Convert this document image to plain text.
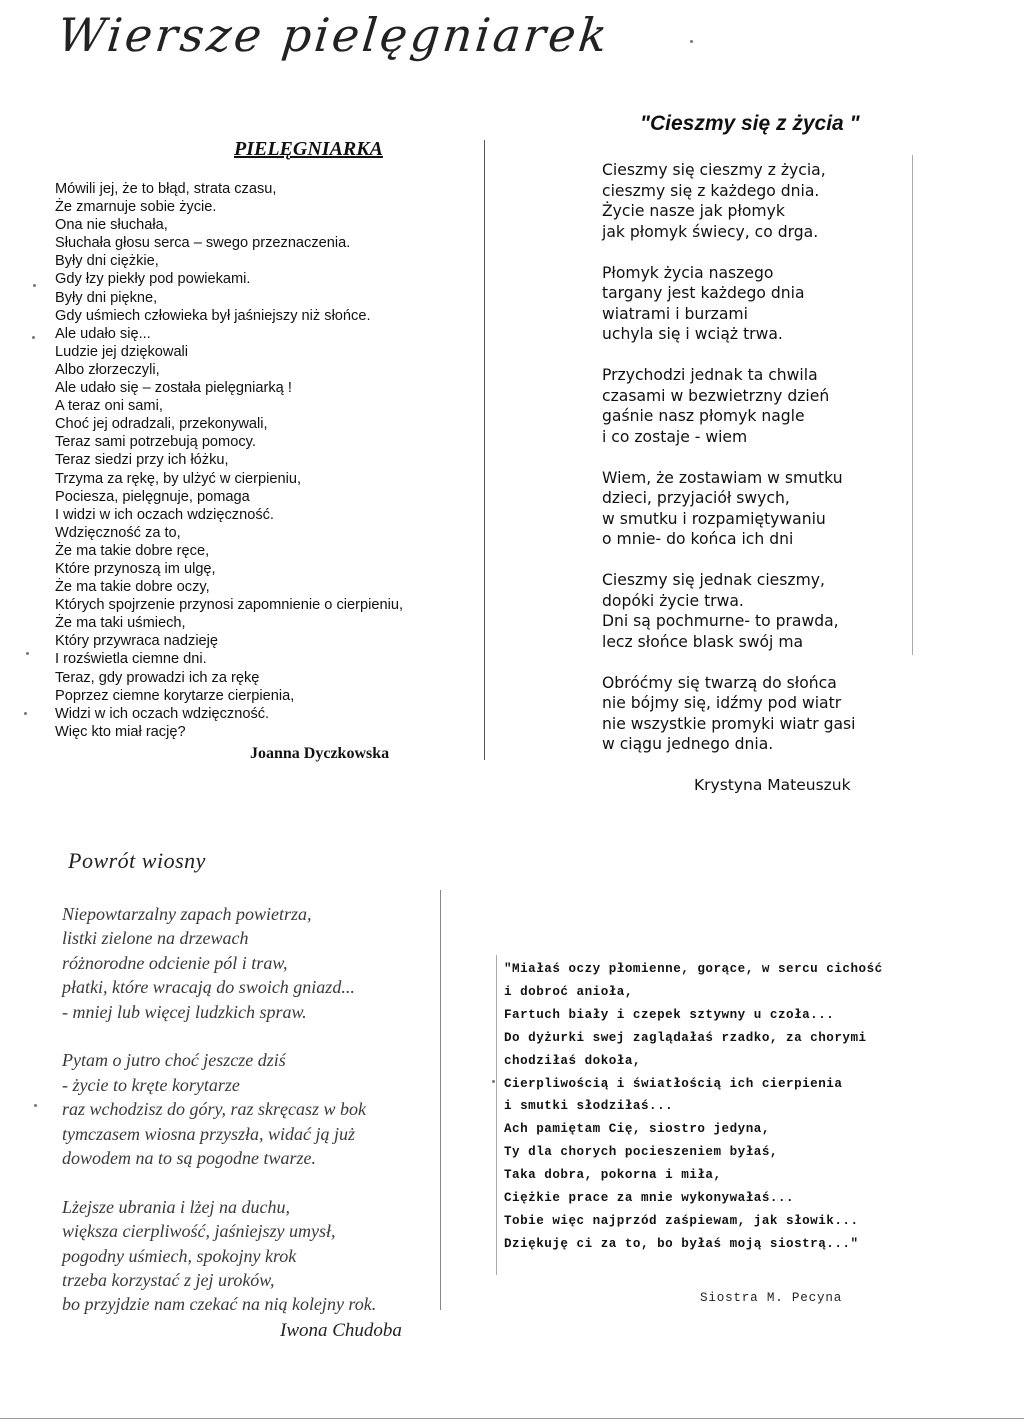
Wiersze pielęgniarek
PIELĘGNIARKA
Mówili jej, że to błąd, strata czasu,
Że zmarnuje sobie życie.
Ona nie słuchała,
Słuchała głosu serca – swego przeznaczenia.
Były dni ciężkie,
Gdy łzy piekły pod powiekami.
Były dni piękne,
Gdy uśmiech człowieka był jaśniejszy niż słońce.
Ale udało się...
Ludzie jej dziękowali
Albo złorzeczyli,
Ale udało się – została pielęgniarką !
A teraz oni sami,
Choć jej odradzali, przekonywali,
Teraz sami potrzebują pomocy.
Teraz siedzi przy ich łóżku,
Trzyma za rękę, by ulżyć w cierpieniu,
Pociesza, pielęgnuje, pomaga
I widzi w ich oczach wdzięczność.
Wdzięczność za to,
Że ma takie dobre ręce,
Które przynoszą im ulgę,
Że ma takie dobre oczy,
Których spojrzenie przynosi zapomnienie o cierpieniu,
Że ma taki uśmiech,
Który przywraca nadzieję
I rozświetla ciemne dni.
Teraz, gdy prowadzi ich za rękę
Poprzez ciemne korytarze cierpienia,
Widzi w ich oczach wdzięczność.
Więc kto miał rację?
Joanna Dyczkowska
"Cieszmy się z życia "
Cieszmy się cieszmy z życia,
cieszmy się z każdego dnia.
Życie nasze jak płomyk
jak płomyk świecy, co drga.
Płomyk życia naszego
targany jest każdego dnia
wiatrami i burzami
uchyla się i wciąż trwa.
Przychodzi jednak ta chwila
czasami w bezwietrzny dzień
gaśnie nasz płomyk nagle
i co zostaje - wiem
Wiem, że zostawiam w smutku
dzieci, przyjaciół swych,
w smutku i rozpamiętywaniu
o mnie- do końca ich dni
Cieszmy się jednak cieszmy,
dopóki życie trwa.
Dni są pochmurne- to prawda,
lecz słońce blask swój ma
Obróćmy się twarzą do słońca
nie bójmy się, idźmy pod wiatr
nie wszystkie promyki wiatr gasi
w ciągu jednego dnia.
Krystyna Mateuszuk
Powrót wiosny
Niepowtarzalny zapach powietrza,
listki zielone na drzewach
różnorodne odcienie pól i traw,
płatki, które wracają do swoich gniazd...
- mniej lub więcej ludzkich spraw.
Pytam o jutro choć jeszcze dziś
- życie to kręte korytarze
raz wchodzisz do góry, raz skręcasz w bok
tymczasem wiosna przyszła, widać ją już
dowodem na to są pogodne twarze.
Lżejsze ubrania i lżej na duchu,
większa cierpliwość, jaśniejszy umysł,
pogodny uśmiech, spokojny krok
trzeba korzystać z jej uroków,
bo przyjdzie nam czekać na nią kolejny rok.
Iwona Chudoba
"Miałaś oczy płomienne, gorące, w sercu cichość
i dobroć anioła,
Fartuch biały i czepek sztywny u czoła...
Do dyżurki swej zaglądałaś rzadko, za chorymi
chodziłaś dokoła,
Cierpliwością i światłością ich cierpienia
i smutki słodziłaś...
Ach pamiętam Cię, siostro jedyna,
Ty dla chorych pocieszeniem byłaś,
Taka dobra, pokorna i miła,
Ciężkie prace za mnie wykonywałaś...
Tobie więc najprzód zaśpiewam, jak słowik...
Dziękuję ci za to, bo byłaś moją siostrą..."
Siostra M. Pecyna
